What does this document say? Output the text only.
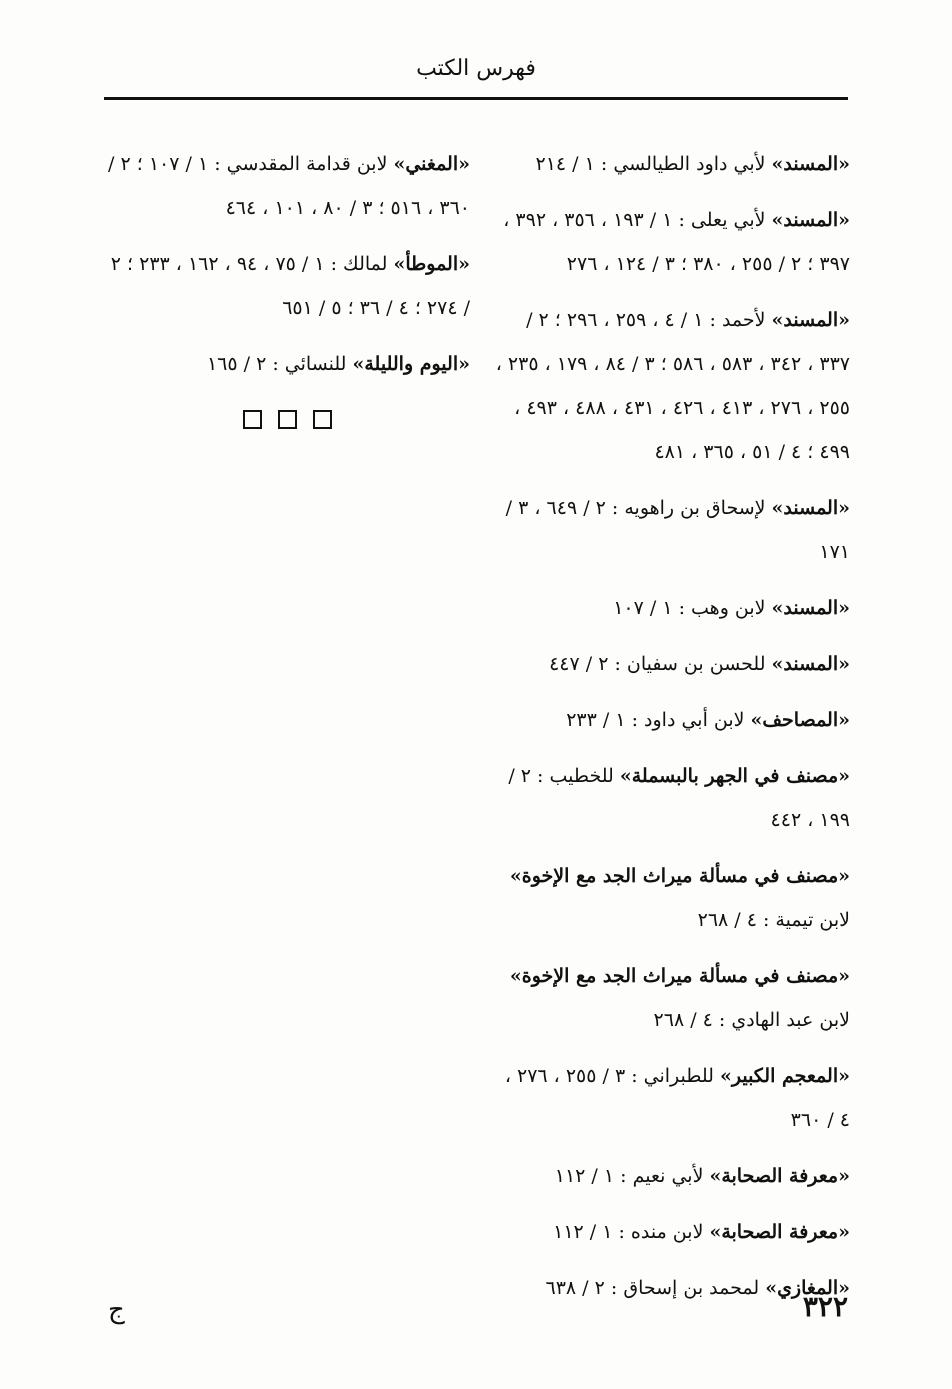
فهرس الكتب
«المسند» لأبي داود الطيالسي : ١ / ٢١٤
«المسند» لأبي يعلى : ١ / ١٩٣ ، ٣٥٦ ، ٣٩٢ ، ٣٩٧ ؛ ٢ / ٢٥٥ ، ٣٨٠ ؛ ٣ / ١٢٤ ، ٢٧٦
«المسند» لأحمد : ١ / ٤ ، ٢٥٩ ، ٢٩٦ ؛ ٢ / ٣٣٧ ، ٣٤٢ ، ٥٨٣ ، ٥٨٦ ؛ ٣ / ٨٤ ، ١٧٩ ، ٢٣٥ ، ٢٥٥ ، ٢٧٦ ، ٤١٣ ، ٤٢٦ ، ٤٣١ ، ٤٨٨ ، ٤٩٣ ، ٤٩٩ ؛ ٤ / ٥١ ، ٣٦٥ ، ٤٨١
«المسند» لإسحاق بن راهويه : ٢ / ٦٤٩ ، ٣ / ١٧١
«المسند» لابن وهب : ١ / ١٠٧
«المسند» للحسن بن سفيان : ٢ / ٤٤٧
«المصاحف» لابن أبي داود : ١ / ٢٣٣
«مصنف في الجهر بالبسملة» للخطيب : ٢ / ١٩٩ ، ٤٤٢
«مصنف في مسألة ميراث الجد مع الإخوة» لابن تيمية : ٤ / ٢٦٨
«مصنف في مسألة ميراث الجد مع الإخوة» لابن عبد الهادي : ٤ / ٢٦٨
«المعجم الكبير» للطبراني : ٣ / ٢٥٥ ، ٢٧٦ ، ٤ / ٣٦٠
«معرفة الصحابة» لأبي نعيم : ١ / ١١٢
«معرفة الصحابة» لابن منده : ١ / ١١٢
«المغازي» لمحمد بن إسحاق : ٢ / ٦٣٨
«المغني» لابن قدامة المقدسي : ١ / ١٠٧ ؛ ٢ / ٣٦٠ ، ٥١٦ ؛ ٣ / ٨٠ ، ١٠١ ، ٤٦٤
«الموطأ» لمالك : ١ / ٧٥ ، ٩٤ ، ١٦٢ ، ٢٣٣ ؛ ٢ / ٢٧٤ ؛ ٤ / ٣٦ ؛ ٥ / ٦٥١
«اليوم والليلة» للنسائي : ٢ / ١٦٥
٣٢٢
ج
